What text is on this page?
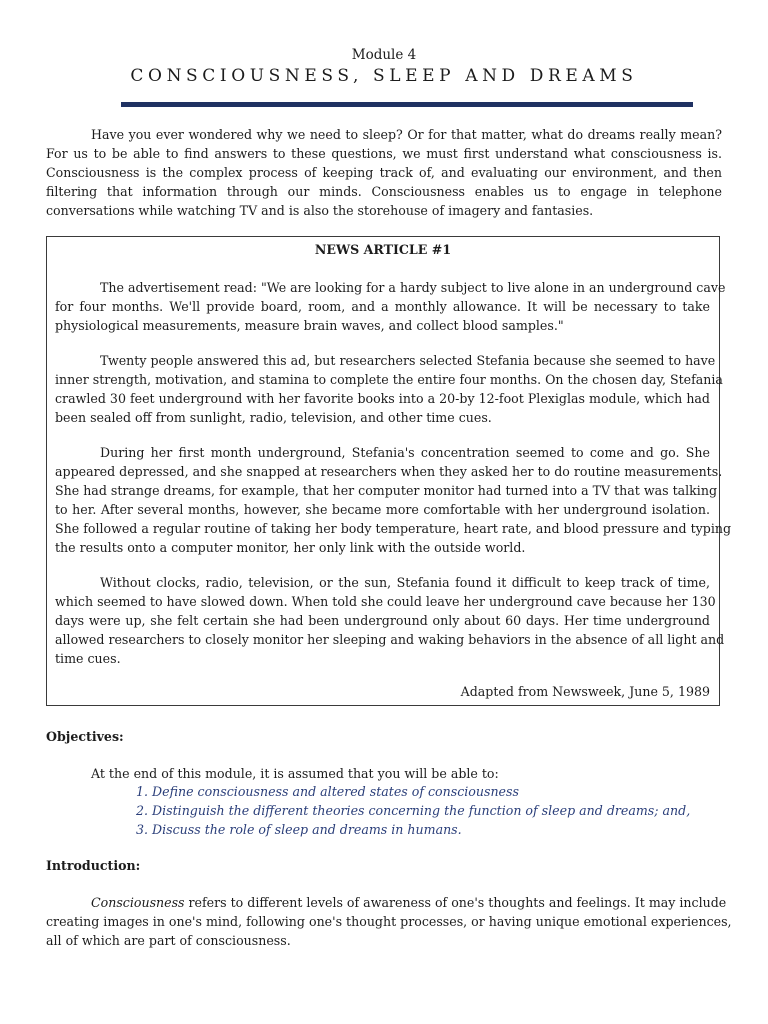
Module 4
CONSCIOUSNESS, SLEEP AND DREAMS

Have you ever wondered why we need to sleep? Or for that matter, what do dreams really mean?
For us to be able to find answers to these questions, we must first understand what consciousness is.
Consciousness is the complex process of keeping track of, and evaluating our environment, and then
filtering that information through our minds. Consciousness enables us to engage in telephone
conversations while watching TV and is also the storehouse of imagery and fantasies.

NEWS ARTICLE #1

The advertisement read: "We are looking for a hardy subject to live alone in an underground cave
for four months. We'll provide board, room, and a monthly allowance. It will be necessary to take
physiological measurements, measure brain waves, and collect blood samples."

Twenty people answered this ad, but researchers selected Stefania because she seemed to have
inner strength, motivation, and stamina to complete the entire four months. On the chosen day, Stefania
crawled 30 feet underground with her favorite books into a 20-by 12-foot Plexiglas module, which had
been sealed off from sunlight, radio, television, and other time cues.

During her first month underground, Stefania's concentration seemed to come and go. She
appeared depressed, and she snapped at researchers when they asked her to do routine measurements.
She had strange dreams, for example, that her computer monitor had turned into a TV that was talking
to her. After several months, however, she became more comfortable with her underground isolation.
She followed a regular routine of taking her body temperature, heart rate, and blood pressure and typing
the results onto a computer monitor, her only link with the outside world.

Without clocks, radio, television, or the sun, Stefania found it difficult to keep track of time,
which seemed to have slowed down. When told she could leave her underground cave because her 130
days were up, she felt certain she had been underground only about 60 days. Her time underground
allowed researchers to closely monitor her sleeping and waking behaviors in the absence of all light and
time cues.

Adapted from Newsweek, June 5, 1989
Objectives:
At the end of this module, it is assumed that you will be able to:
1. Define consciousness and altered states of consciousness
2. Distinguish the different theories concerning the function of sleep and dreams; and,
3. Discuss the role of sleep and dreams in humans.
Introduction:

Consciousness refers to different levels of awareness of one's thoughts and feelings. It may include
creating images in one's mind, following one's thought processes, or having unique emotional experiences,
all of which are part of consciousness.
